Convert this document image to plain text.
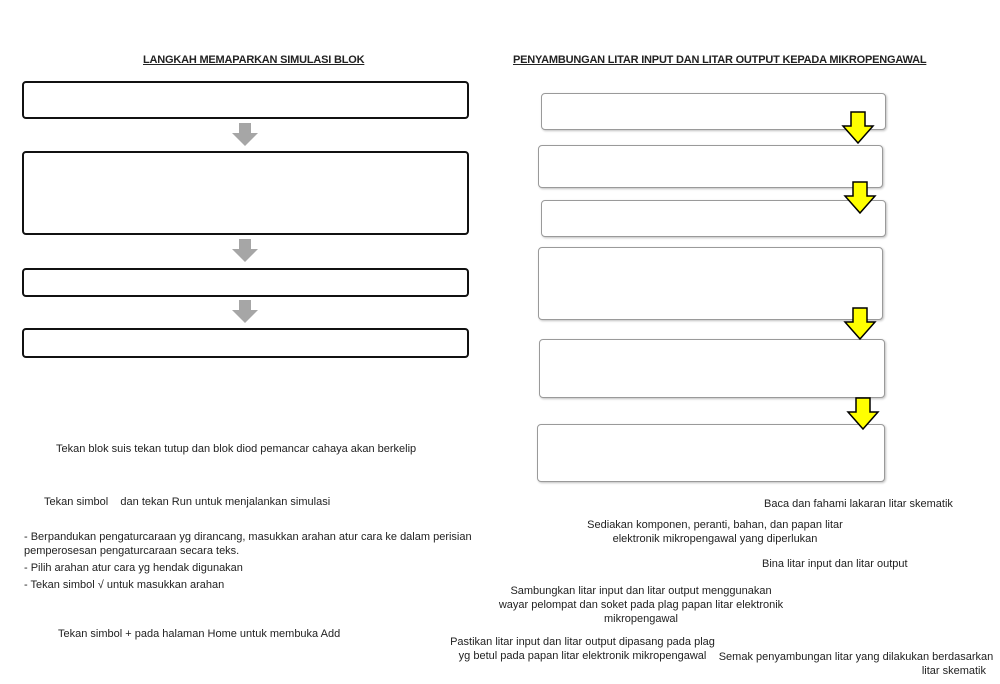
LANGKAH MEMAPARKAN SIMULASI BLOK
Tekan blok suis tekan tutup dan blok diod pemancar cahaya akan berkelip
Tekan simbol    dan tekan Run untuk menjalankan simulasi
- Berpandukan pengaturcaraan yg dirancang, masukkan arahan atur cara ke dalam perisian
pemperosesan pengaturcaraan secara teks.
- Pilih arahan atur cara yg hendak digunakan
- Tekan simbol √ untuk masukkan arahan
Tekan simbol + pada halaman Home untuk membuka Add
PENYAMBUNGAN LITAR INPUT DAN LITAR OUTPUT KEPADA MIKROPENGAWAL
Baca dan fahami lakaran litar skematik
Sediakan komponen, peranti, bahan, dan papan litar
elektronik mikropengawal yang diperlukan
Bina litar input dan litar output
Sambungkan litar input dan litar output menggunakan
wayar pelompat dan soket pada plag papan litar elektronik
mikropengawal
Pastikan litar input dan litar output dipasang pada plag
yg betul pada papan litar elektronik mikropengawal	Semak penyambungan litar yang dilakukan berdasarkan
litar skematik
